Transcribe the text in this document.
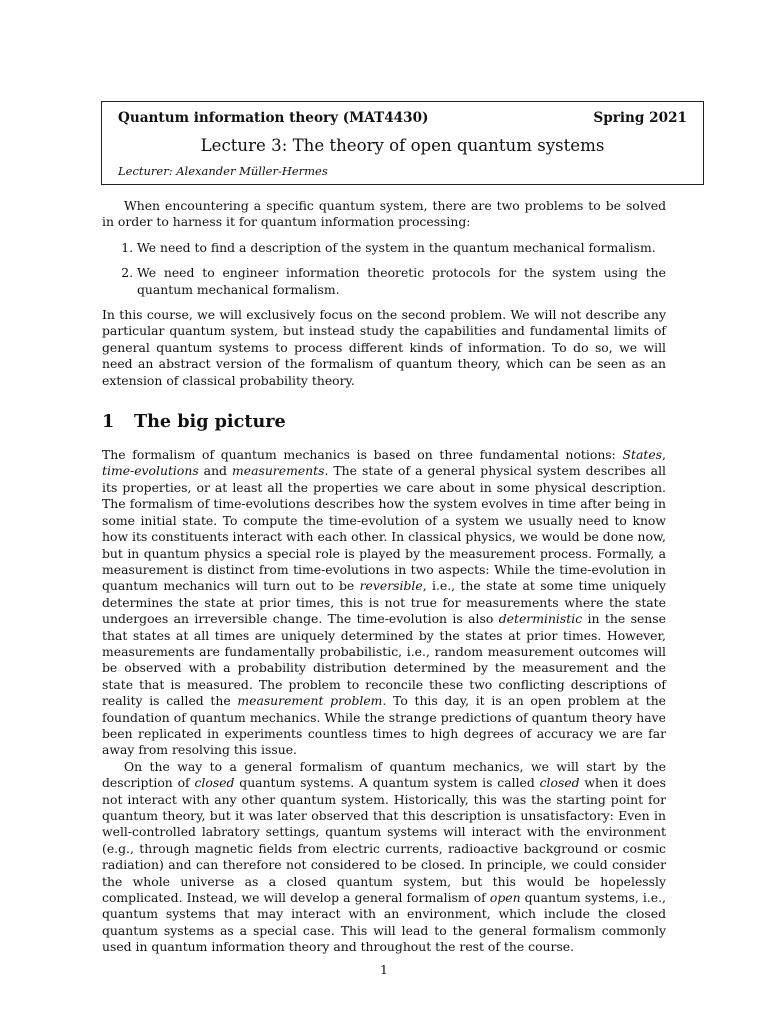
Quantum information theory (MAT4430)	Spring 2021
Lecture 3: The theory of open quantum systems
Lecturer: Alexander Müller-Hermes

When encountering a specific quantum system, there are two problems to be solved in order to harness it for quantum information processing:

1. We need to find a description of the system in the quantum mechanical formalism.
2. We need to engineer information theoretic protocols for the system using the quantum mechanical formalism.

In this course, we will exclusively focus on the second problem. We will not describe any particular quantum system, but instead study the capabilities and fundamental limits of general quantum systems to process different kinds of information. To do so, we will need an abstract version of the formalism of quantum theory, which can be seen as an extension of classical probability theory.

1 The big picture

The formalism of quantum mechanics is based on three fundamental notions: States, time-evolutions and measurements. The state of a general physical system describes all its properties, or at least all the properties we care about in some physical description. The formalism of time-evolutions describes how the system evolves in time after being in some initial state. To compute the time-evolution of a system we usually need to know how its constituents interact with each other. In classical physics, we would be done now, but in quantum physics a special role is played by the measurement process. Formally, a measurement is distinct from time-evolutions in two aspects: While the time-evolution in quantum mechanics will turn out to be reversible, i.e., the state at some time uniquely determines the state at prior times, this is not true for measurements where the state undergoes an irreversible change. The time-evolution is also deterministic in the sense that states at all times are uniquely determined by the states at prior times. However, measurements are fundamentally probabilistic, i.e., random measurement outcomes will be observed with a probability distribution determined by the measurement and the state that is measured. The problem to reconcile these two conflicting descriptions of reality is called the measurement problem. To this day, it is an open problem at the foundation of quantum mechanics. While the strange predictions of quantum theory have been replicated in experiments countless times to high degrees of accuracy we are far away from resolving this issue.

On the way to a general formalism of quantum mechanics, we will start by the description of closed quantum systems. A quantum system is called closed when it does not interact with any other quantum system. Historically, this was the starting point for quantum theory, but it was later observed that this description is unsatisfactory: Even in well-controlled labratory settings, quantum systems will interact with the environment (e.g., through magnetic fields from electric currents, radioactive background or cosmic radiation) and can therefore not considered to be closed. In principle, we could consider the whole universe as a closed quantum system, but this would be hopelessly complicated. Instead, we will develop a general formalism of open quantum systems, i.e., quantum systems that may interact with an environment, which include the closed quantum systems as a special case. This will lead to the general formalism commonly used in quantum information theory and throughout the rest of the course.

1
